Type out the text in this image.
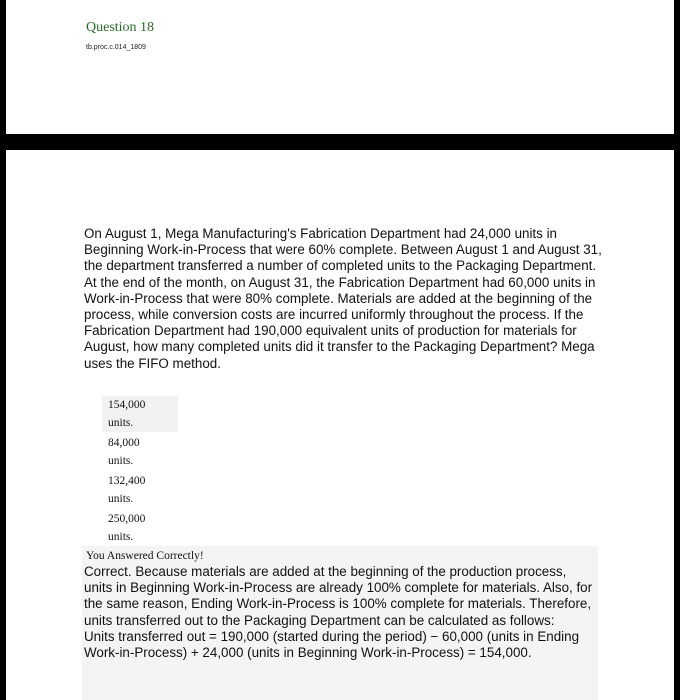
Question 18
tb.proc.c.014_1809

On August 1, Mega Manufacturing's Fabrication Department had 24,000 units in Beginning Work-in-Process that were 60% complete. Between August 1 and August 31, the department transferred a number of completed units to the Packaging Department. At the end of the month, on August 31, the Fabrication Department had 60,000 units in Work-in-Process that were 80% complete. Materials are added at the beginning of the process, while conversion costs are incurred uniformly throughout the process. If the Fabrication Department had 190,000 equivalent units of production for materials for August, how many completed units did it transfer to the Packaging Department? Mega uses the FIFO method.

154,000
units.
84,000
units.
132,400
units.
250,000
units.
You Answered Correctly!

Correct. Because materials are added at the beginning of the production process, units in Beginning Work-in-Process are already 100% complete for materials. Also, for the same reason, Ending Work-in-Process is 100% complete for materials. Therefore, units transferred out to the Packaging Department can be calculated as follows:
Units transferred out = 190,000 (started during the period) − 60,000 (units in Ending Work-in-Process) + 24,000 (units in Beginning Work-in-Process) = 154,000.
